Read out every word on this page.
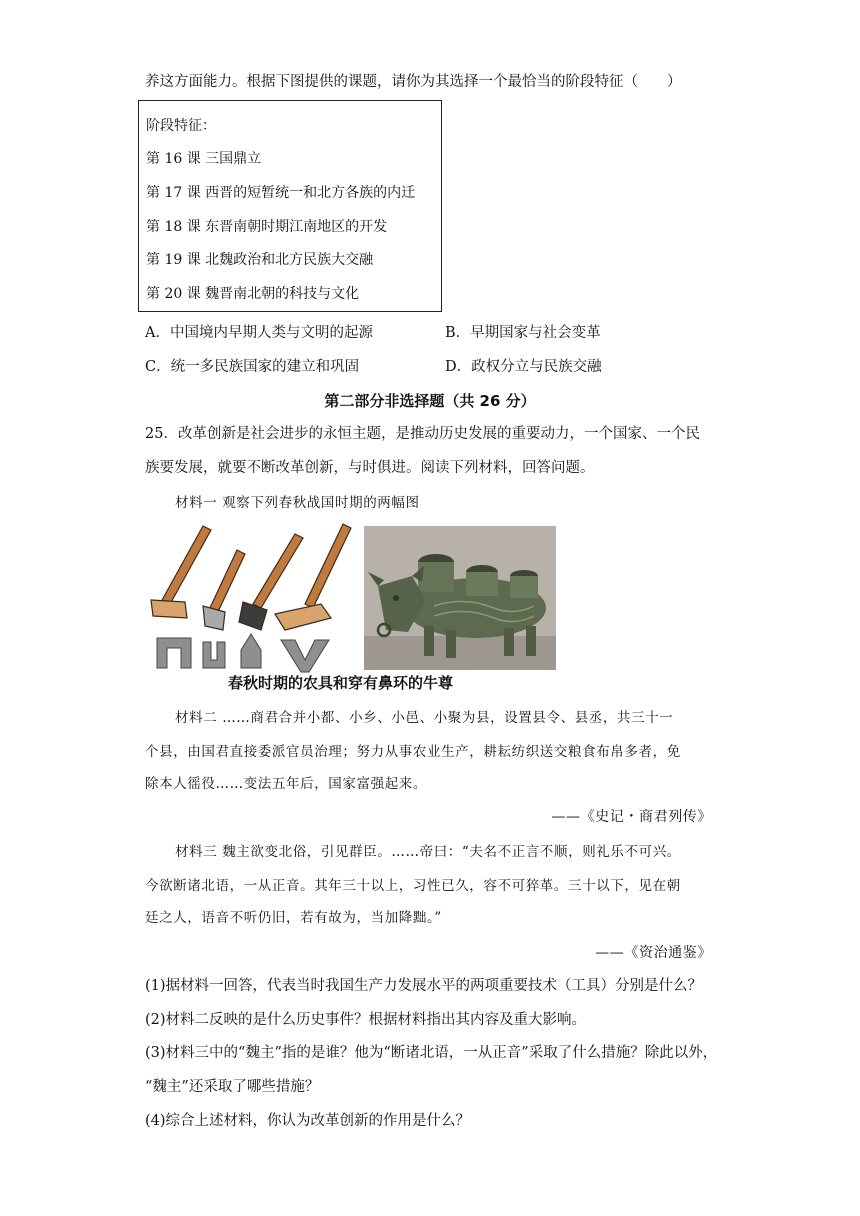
养这方面能力。根据下图提供的课题，请你为其选择一个最恰当的阶段特征（　　）
阶段特征：
第 16 课 三国鼎立
第 17 课 西晋的短暂统一和北方各族的内迁
第 18 课 东晋南朝时期江南地区的开发
第 19 课 北魏政治和北方民族大交融
第 20 课 魏晋南北朝的科技与文化
A．中国境内早期人类与文明的起源	B．早期国家与社会变革
C．统一多民族国家的建立和巩固	D．政权分立与民族交融
第二部分非选择题（共 26 分）
25．改革创新是社会进步的永恒主题，是推动历史发展的重要动力，一个国家、一个民
族要发展，就要不断改革创新，与时俱进。阅读下列材料，回答问题。
材料一 观察下列春秋战国时期的两幅图
春秋时期的农具和穿有鼻环的牛尊
材料二 ……商君合并小都、小乡、小邑、小聚为县，设置县令、县丞，共三十一
个县，由国君直接委派官员治理；努力从事农业生产，耕耘纺织送交粮食布帛多者，免
除本人徭役……变法五年后，国家富强起来。
——《史记・商君列传》
材料三 魏主欲变北俗，引见群臣。……帝曰：“夫名不正言不顺，则礼乐不可兴。
今欲断诸北语，一从正音。其年三十以上，习性已久，容不可猝革。三十以下，见在朝
廷之人，语音不听仍旧，若有故为，当加降黜。”
——《资治通鉴》
(1)据材料一回答，代表当时我国生产力发展水平的两项重要技术（工具）分别是什么？
(2)材料二反映的是什么历史事件？根据材料指出其内容及重大影响。
(3)材料三中的“魏主”指的是谁？他为“断诸北语，一从正音”采取了什么措施？除此以外，
“魏主”还采取了哪些措施？
(4)综合上述材料，你认为改革创新的作用是什么？
